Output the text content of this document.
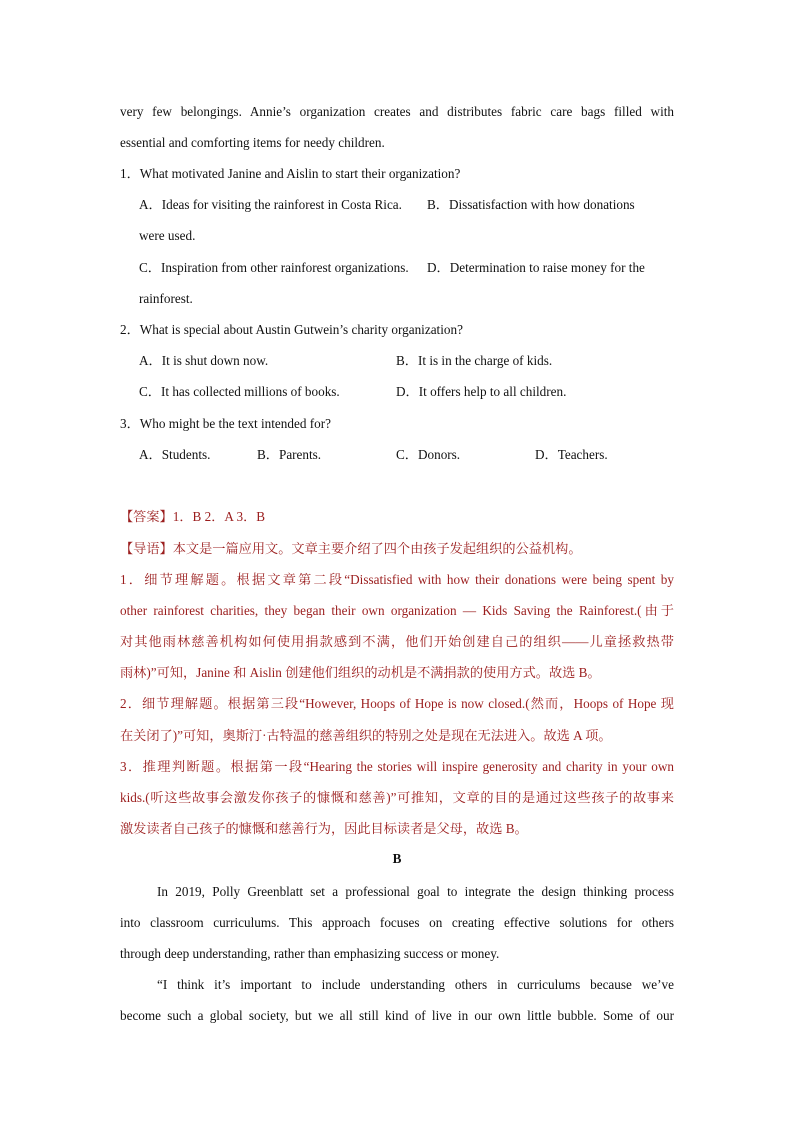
very few belongings. Annie’s organization creates and distributes fabric care bags filled with
essential and comforting items for needy children.
1．What motivated Janine and Aislin to start their organization?
A．Ideas for visiting the rainforest in Costa Rica. B．Dissatisfaction with how donations
were used.
C．Inspiration from other rainforest organizations. D．Determination to raise money for the
rainforest.
2．What is special about Austin Gutwein’s charity organization?
A．It is shut down now.	B．It is in the charge of kids.
C．It has collected millions of books.	D．It offers help to all children.
3．Who might be the text intended for?
A．Students.	B．Parents.	C．Donors.	D．Teachers.
【答案】1．B 2．A 3．B
【导语】本文是一篇应用文。文章主要介绍了四个由孩子发起组织的公益机构。
1．细节理解题。根据文章第二段“Dissatisfied with how their donations were being spent by
other rainforest charities, they began their own organization — Kids Saving the Rainforest.(由于
对其他雨林慈善机构如何使用捐款感到不满，他们开始创建自己的组织——儿童拯救热带
雨林)”可知，Janine 和 Aislin 创建他们组织的动机是不满捐款的使用方式。故选 B。
2．细节理解题。根据第三段“However, Hoops of Hope is now closed.(然而，Hoops of Hope 现
在关闭了)”可知，奥斯汀·古特温的慈善组织的特别之处是现在无法进入。故选 A 项。
3．推理判断题。根据第一段“Hearing the stories will inspire generosity and charity in your own
kids.(听这些故事会激发你孩子的慷慨和慈善)”可推知，文章的目的是通过这些孩子的故事来
激发读者自己孩子的慷慨和慈善行为，因此目标读者是父母，故选 B。
B
In 2019, Polly Greenblatt set a professional goal to integrate the design thinking process
into classroom curriculums. This approach focuses on creating effective solutions for others
through deep understanding, rather than emphasizing success or money.
“I think it’s important to include understanding others in curriculums because we’ve
become such a global society, but we all still kind of live in our own little bubble. Some of our
